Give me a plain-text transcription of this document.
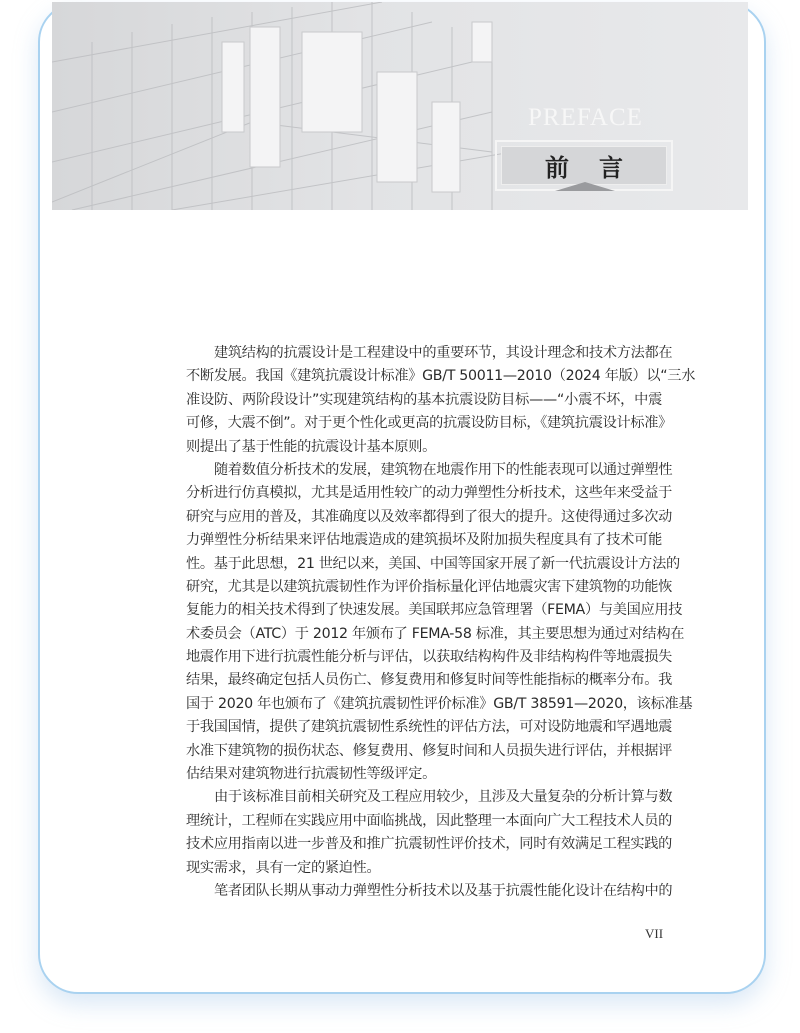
PREFACE
前言
建筑结构的抗震设计是工程建设中的重要环节，其设计理念和技术方法都在
不断发展。我国《建筑抗震设计标准》GB/T 50011—2010（2024 年版）以“三水
准设防、两阶段设计”实现建筑结构的基本抗震设防目标——“小震不坏，中震
可修，大震不倒”。对于更个性化或更高的抗震设防目标，《建筑抗震设计标准》
则提出了基于性能的抗震设计基本原则。
随着数值分析技术的发展，建筑物在地震作用下的性能表现可以通过弹塑性
分析进行仿真模拟，尤其是适用性较广的动力弹塑性分析技术，这些年来受益于
研究与应用的普及，其准确度以及效率都得到了很大的提升。这使得通过多次动
力弹塑性分析结果来评估地震造成的建筑损坏及附加损失程度具有了技术可能
性。基于此思想，21 世纪以来，美国、中国等国家开展了新一代抗震设计方法的
研究，尤其是以建筑抗震韧性作为评价指标量化评估地震灾害下建筑物的功能恢
复能力的相关技术得到了快速发展。美国联邦应急管理署（FEMA）与美国应用技
术委员会（ATC）于 2012 年颁布了 FEMA-58 标准，其主要思想为通过对结构在
地震作用下进行抗震性能分析与评估，以获取结构构件及非结构构件等地震损失
结果，最终确定包括人员伤亡、修复费用和修复时间等性能指标的概率分布。我
国于 2020 年也颁布了《建筑抗震韧性评价标准》GB/T 38591—2020，该标准基
于我国国情，提供了建筑抗震韧性系统性的评估方法，可对设防地震和罕遇地震
水准下建筑物的损伤状态、修复费用、修复时间和人员损失进行评估，并根据评
估结果对建筑物进行抗震韧性等级评定。
由于该标准目前相关研究及工程应用较少，且涉及大量复杂的分析计算与数
理统计，工程师在实践应用中面临挑战，因此整理一本面向广大工程技术人员的
技术应用指南以进一步普及和推广抗震韧性评价技术，同时有效满足工程实践的
现实需求，具有一定的紧迫性。
笔者团队长期从事动力弹塑性分析技术以及基于抗震性能化设计在结构中的
VII
